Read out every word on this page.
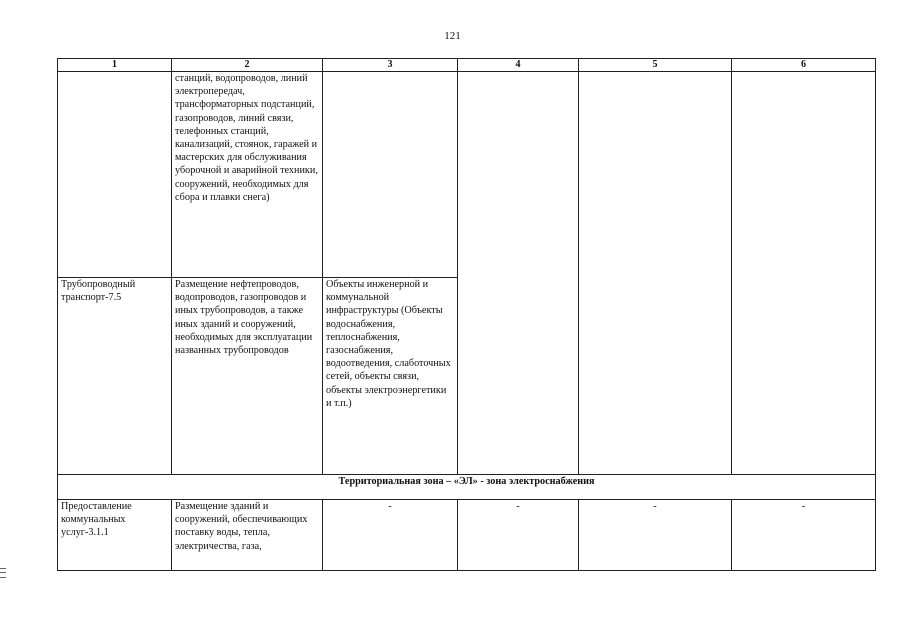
121
1	2	3	4	5	6
	станций, водопроводов, линий электропередач, трансформаторных подстанций, газопроводов, линий связи, телефонных станций, канализаций, стоянок, гаражей и мастерских для обслуживания уборочной и аварийной техники, сооружений, необходимых для сбора и плавки снега)				
Трубопроводный транспорт-7.5	Размещение нефтепроводов, водопроводов, газопроводов и иных трубопроводов, а также иных зданий и сооружений, необходимых для эксплуатации названных трубопроводов	Объекты инженерной и коммунальной инфраструктуры (Объекты водоснабжения, теплоснабжения, газоснабжения, водоотведения, слаботочных сетей, объекты связи, объекты электроэнергетики и т.п.)			
Территориальная зона – «ЭЛ» - зона электроснабжения					
Предоставление коммунальных услуг-3.1.1	Размещение зданий и сооружений, обеспечивающих поставку воды, тепла, электричества, газа,	-	-	-	-
